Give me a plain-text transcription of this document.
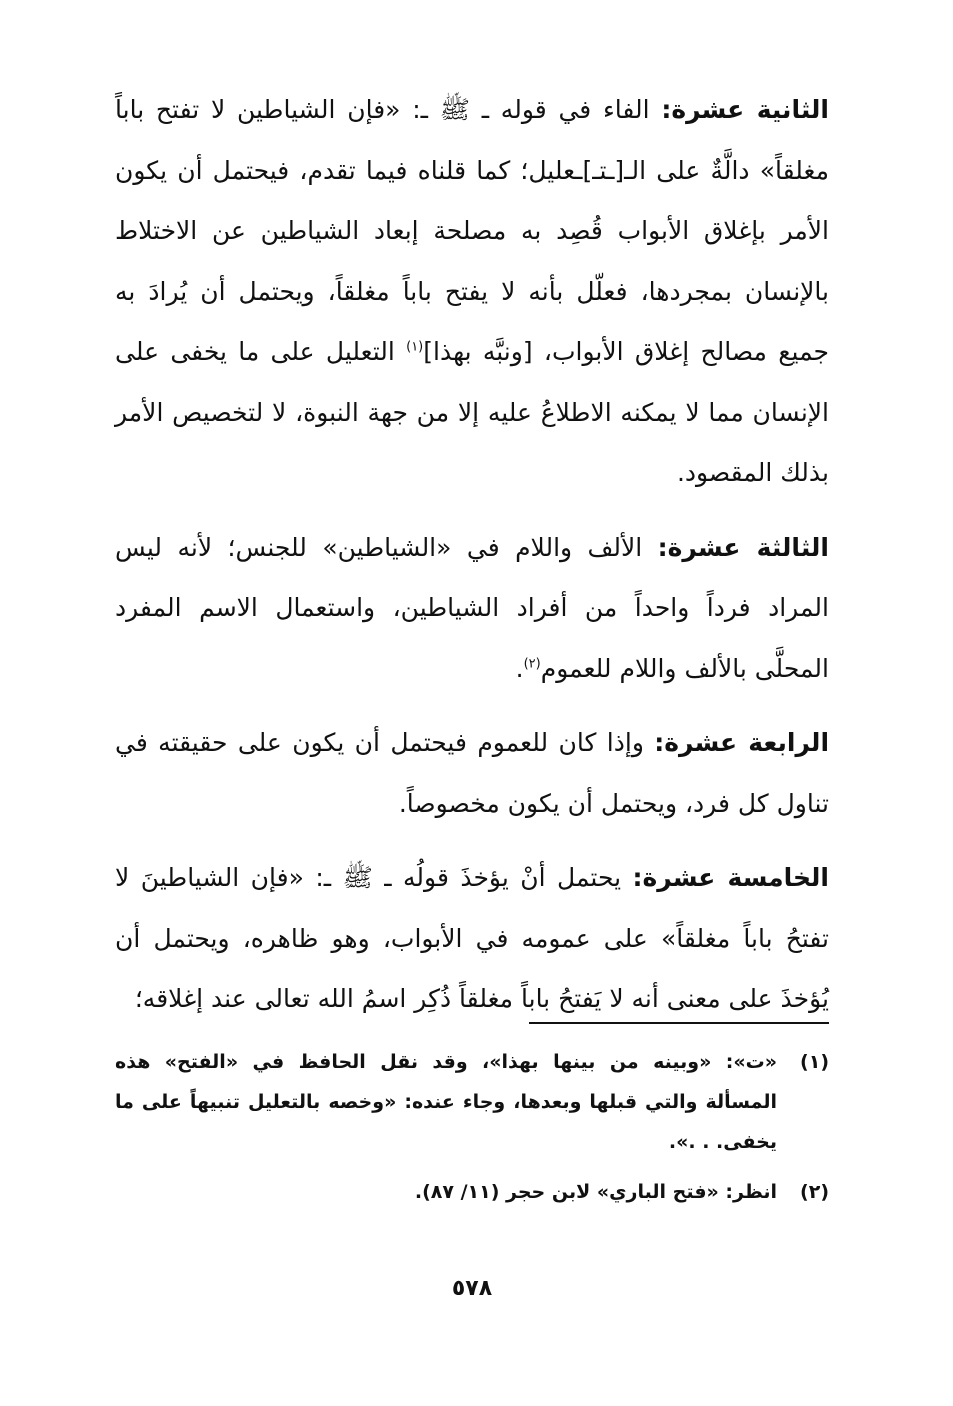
الثانية عشرة: الفاء في قوله ـ ﷺ ـ: «فإن الشياطين لا تفتح باباً مغلقاً» دالَّةٌ على الـ[ـتـ]ـعليل؛ كما قلناه فيما تقدم، فيحتمل أن يكون الأمر بإغلاق الأبواب قُصِد به مصلحة إبعاد الشياطين عن الاختلاط بالإنسان بمجردها، فعلّل بأنه لا يفتح باباً مغلقاً، ويحتمل أن يُرادَ به جميع مصالح إغلاق الأبواب، [ونبَّه بهذا]$^{(١)}$ التعليل على ما يخفى على الإنسان مما لا يمكنه الاطلاعُ عليه إلا من جهة النبوة، لا لتخصيص الأمر بذلك المقصود.

الثالثة عشرة: الألف واللام في «الشياطين» للجنس؛ لأنه ليس المراد فرداً واحداً من أفراد الشياطين، واستعمال الاسم المفرد المحلَّى بالألف واللام للعموم$^{(٢)}$.

الرابعة عشرة: وإذا كان للعموم فيحتمل أن يكون على حقيقته في تناول كل فرد، ويحتمل أن يكون مخصوصاً.

الخامسة عشرة: يحتمل أنْ يؤخذَ قولُه ـ ﷺ ـ: «فإن الشياطينَ لا تفتحُ باباً مغلقاً» على عمومه في الأبواب، وهو ظاهره، ويحتمل أن يُؤخذَ على معنى أنه لا يَفتحُ باباً مغلقاً ذُكِر اسمُ الله تعالى عند إغلاقه؛

(١)
«ت»: «وبينه من بينها بهذا»، وقد نقل الحافظ في «الفتح» هذه المسألة والتي قبلها وبعدها، وجاء عنده: «وخصه بالتعليل تنبيهاً على ما يخفى. . .».
(٢)
انظر: «فتح الباري» لابن حجر (١١/ ٨٧).
٥٧٨
